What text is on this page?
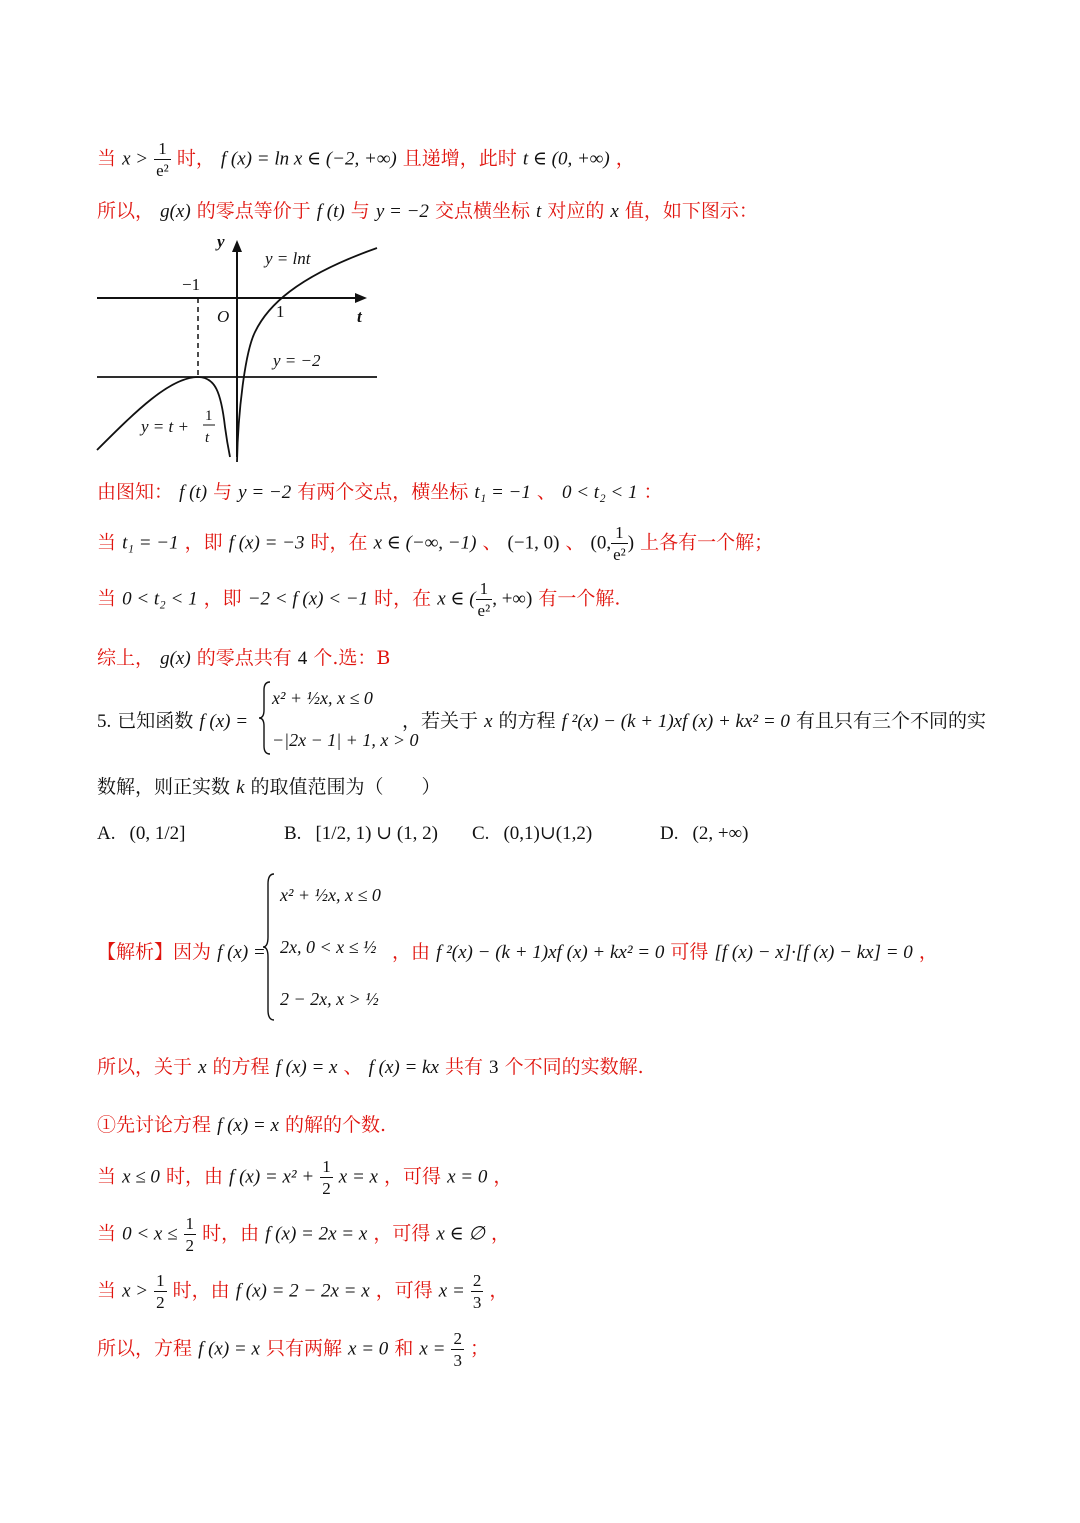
当 $x > \frac{1}{\text{e²}}$ 时， f (x) = ln x ∈ (−2, +∞) 且递增，此时 t ∈ (0, +∞) ，
所以， g(x) 的零点等价于 f (t) 与 y = −2 交点横坐标 t 对应的 x 值，如下图示：
y
t
O
y = lnt
y = −2
−1
1
y = t +
1
t
由图知： f (t) 与 y = −2 有两个交点，横坐标 t₁ = −1 、 0 < t₂ < 1 ：
当 t₁ = −1 ，即 f (x) = −3 时，在 x ∈ (−∞, −1) 、 (−1, 0) 、 (0, $\frac{1}{\text{e²}}$ ) 上各有一个解；
当 0 < t₂ < 1 ，即 −2 < f (x) < −1 时，在 x ∈ ( $\frac{1}{\text{e²}}$ , +∞) 有一个解.
综上， g(x) 的零点共有 4 个.选：B
5. 已知函数 f (x) =
x² + ½x, x ≤ 0
−|2x − 1| + 1, x > 0
，若关于 x 的方程 f ²(x) − (k + 1)xf (x) + kx² = 0 有且只有三个不同的实
数解，则正实数 k 的取值范围为（　　）
A. (0, 1/2]	B. [1/2, 1) ∪ (1, 2) C. (0,1)∪(1,2)	D. (2, +∞)
【解析】因为 f (x) =
x² + ½x, x ≤ 0
2x, 0 < x ≤ ½
2 − 2x, x > ½
，由 f ²(x) − (k + 1)xf (x) + kx² = 0 可得 [f (x) − x]·[f (x) − kx] = 0 ，
所以，关于 x 的方程 f (x) = x 、 f (x) = kx 共有 3 个不同的实数解.
①先讨论方程 f (x) = x 的解的个数.
当 x ≤ 0 时，由 f $(x) = x^2 + \frac{1}{2}$ x = x ，可得 x = 0 ，
当 $0 < x \le \frac{1}{2}$ 时，由 f (x) = 2x = x ，可得 x ∈ ∅ ，
当 $x > \frac{1}{2}$ 时，由 f (x) = 2 − 2x = x ，可得 $x = \frac{2}{3}$ ，
所以，方程 f (x) = x 只有两解 x = 0 和 $x = \frac{2}{3}$ ；
